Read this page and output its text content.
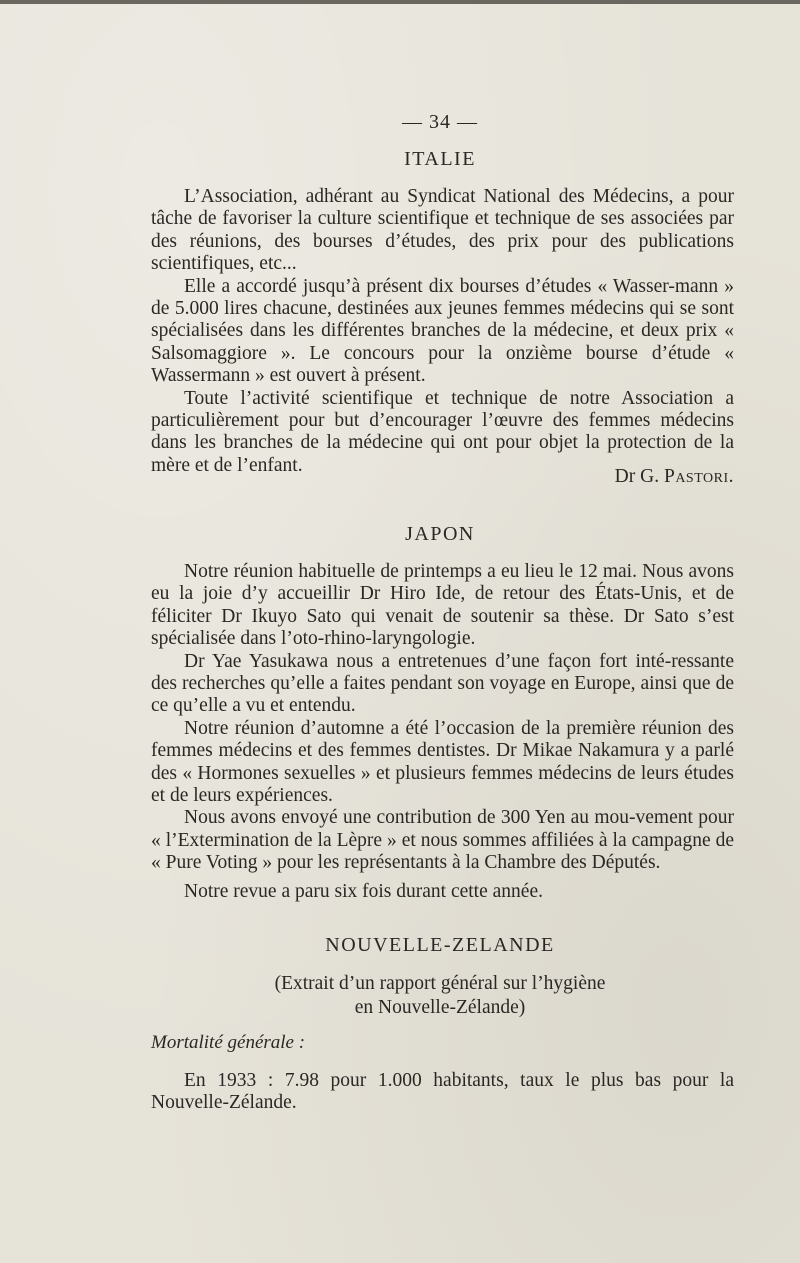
— 34 —
ITALIE

L’Association, adhérant au Syndicat National des Médecins, a pour tâche de favoriser la culture scientifique et technique de ses associées par des réunions, des bourses d’études, des prix pour des publications scientifiques, etc...

Elle a accordé jusqu’à présent dix bourses d’études « Wasser-mann » de 5.000 lires chacune, destinées aux jeunes femmes médecins qui se sont spécialisées dans les différentes branches de la médecine, et deux prix « Salsomaggiore ». Le concours pour la onzième bourse d’étude « Wassermann » est ouvert à présent.

Toute l’activité scientifique et technique de notre Association a particulièrement pour but d’encourager l’œuvre des femmes médecins dans les branches de la médecine qui ont pour objet la protection de la mère et de l’enfant.

Dr G. Pastori.
JAPON

Notre réunion habituelle de printemps a eu lieu le 12 mai. Nous avons eu la joie d’y accueillir Dr Hiro Ide, de retour des États-Unis, et de féliciter Dr Ikuyo Sato qui venait de soutenir sa thèse. Dr Sato s’est spécialisée dans l’oto-rhino-laryngologie.

Dr Yae Yasukawa nous a entretenues d’une façon fort inté-ressante des recherches qu’elle a faites pendant son voyage en Europe, ainsi que de ce qu’elle a vu et entendu.

Notre réunion d’automne a été l’occasion de la première réunion des femmes médecins et des femmes dentistes. Dr Mikae Nakamura y a parlé des « Hormones sexuelles » et plusieurs femmes médecins de leurs études et de leurs expériences.

Nous avons envoyé une contribution de 300 Yen au mou-vement pour « l’Extermination de la Lèpre » et nous sommes affiliées à la campagne de « Pure Voting » pour les représentants à la Chambre des Députés.

Notre revue a paru six fois durant cette année.

NOUVELLE-ZELANDE
(Extrait d’un rapport général sur l’hygiène
en Nouvelle-Zélande)
Mortalité générale :

En 1933 : 7.98 pour 1.000 habitants, taux le plus bas pour la Nouvelle-Zélande.
